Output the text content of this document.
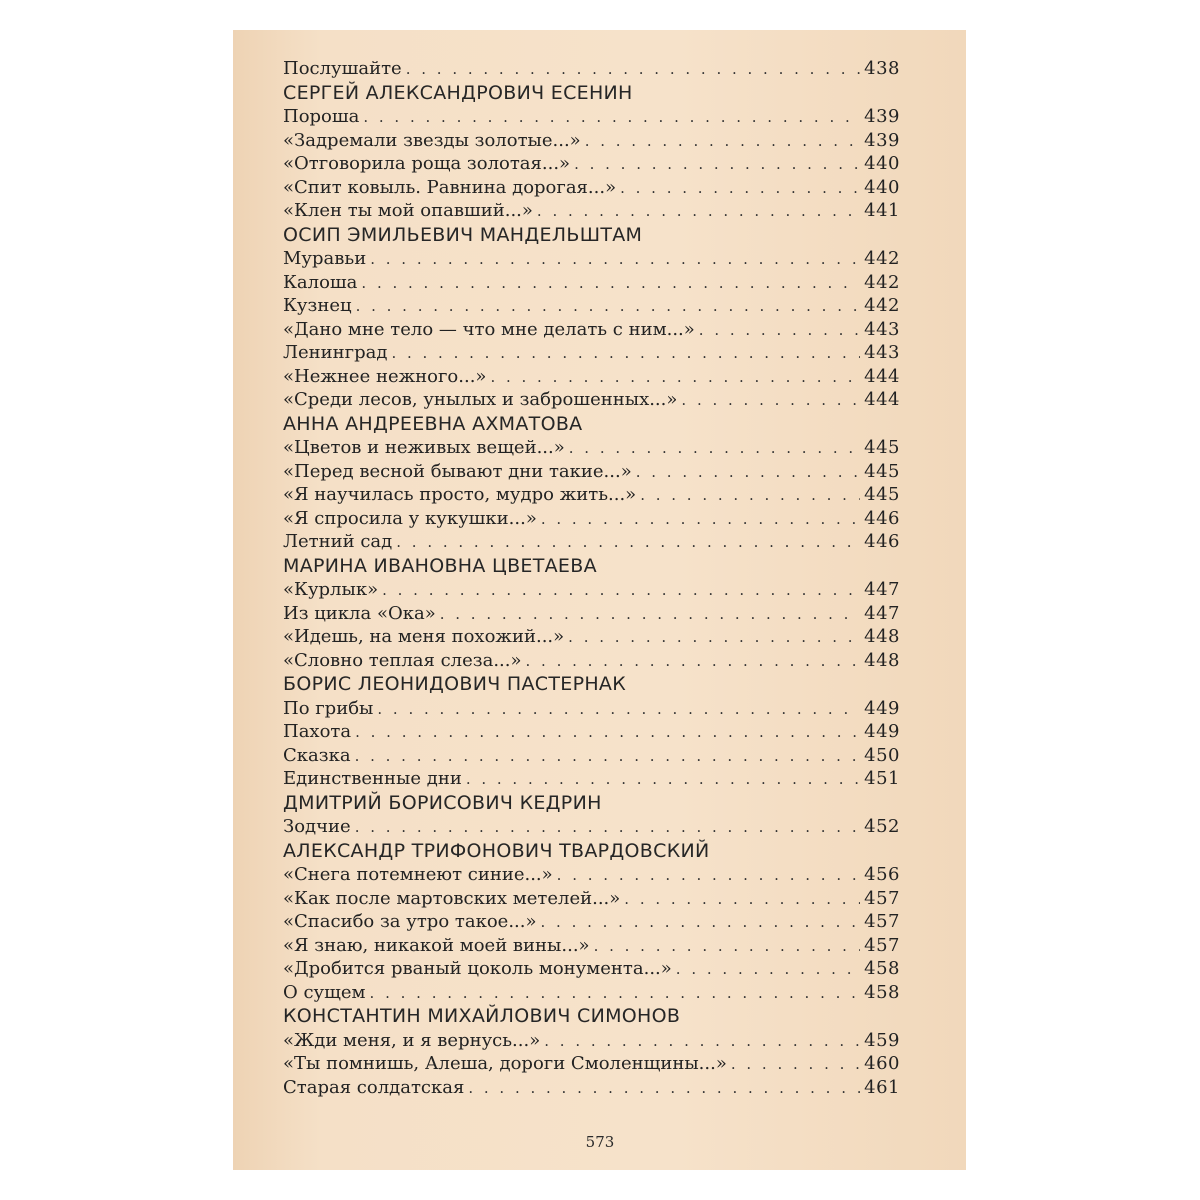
Послушайте . . .	438
СЕРГЕЙ АЛЕКСАНДРОВИЧ ЕСЕНИН
Пороша . . .	439
«Задремали звезды золотые...» . . .	439
«Отговорила роща золотая...» . . .	440
«Спит ковыль. Равнина дорогая...» . . .	440
«Клен ты мой опавший...» . . .	441
ОСИП ЭМИЛЬЕВИЧ МАНДЕЛЬШТАМ
Муравьи . . .	442
Калоша . . .	442
Кузнец . . .	442
«Дано мне тело — что мне делать с ним...» . . .	443
Ленинград . . .	443
«Нежнее нежного...» . . .	444
«Среди лесов, унылых и заброшенных...» . . .	444
АННА АНДРЕЕВНА АХМАТОВА
«Цветов и неживых вещей...» . . .	445
«Перед весной бывают дни такие...» . . .	445
«Я научилась просто, мудро жить...» . . .	445
«Я спросила у кукушки...» . . .	446
Летний сад . . .	446
МАРИНА ИВАНОВНА ЦВЕТАЕВА
«Курлык» . . .	447
Из цикла «Ока» . . .	447
«Идешь, на меня похожий...» . . .	448
«Словно теплая слеза...» . . .	448
БОРИС ЛЕОНИДОВИЧ ПАСТЕРНАК
По грибы . . .	449
Пахота . . .	449
Сказка . . .	450
Единственные дни . . .	451
ДМИТРИЙ БОРИСОВИЧ КЕДРИН
Зодчие . . .	452
АЛЕКСАНДР ТРИФОНОВИЧ ТВАРДОВСКИЙ
«Снега потемнеют синие...» . . .	456
«Как после мартовских метелей...» . . .	457
«Спасибо за утро такое...» . . .	457
«Я знаю, никакой моей вины...» . . .	457
«Дробится рваный цоколь монумента...» . . .	458
О сущем . . .	458
КОНСТАНТИН МИХАЙЛОВИЧ СИМОНОВ
«Жди меня, и я вернусь...» . . .	459
«Ты помнишь, Алеша, дороги Смоленщины...» . . .	460
Старая солдатская . . .	461
573
